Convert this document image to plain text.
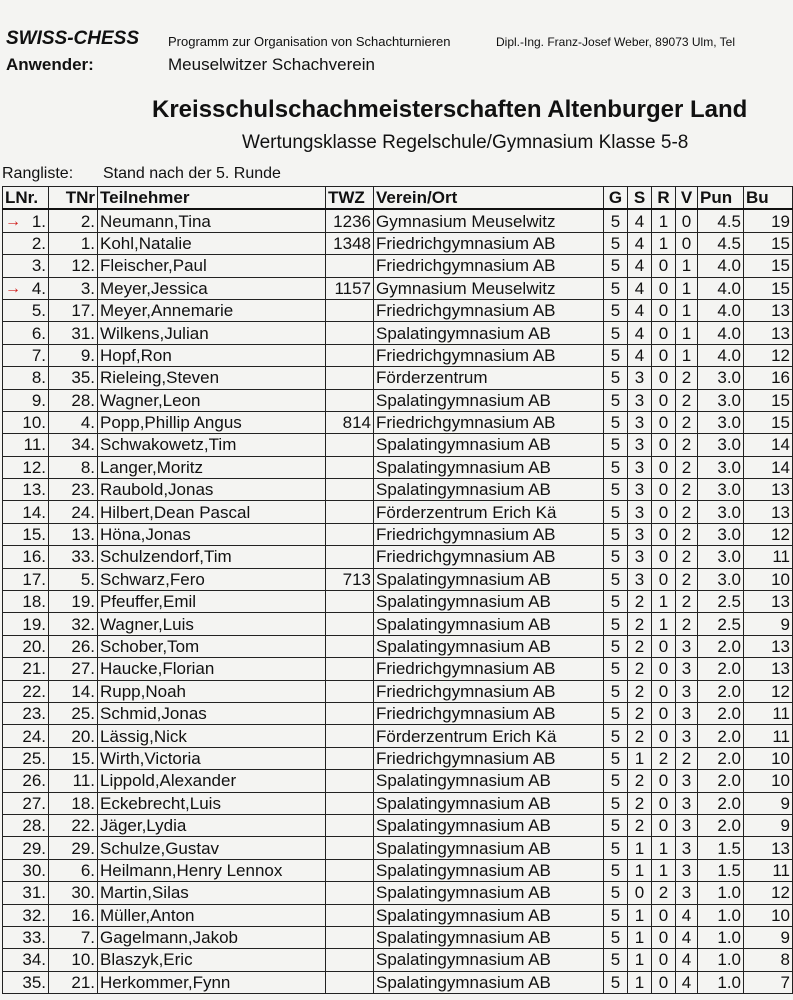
SWISS-CHESS Programm zur Organisation von Schachturnieren	Dipl.-Ing. Franz-Josef Weber, 89073 Ulm, Tel
Anwender:	Meuselwitzer Schachverein
Kreisschulschachmeisterschaften Altenburger Land
Wertungsklasse Regelschule/Gymnasium Klasse 5-8
Rangliste: Stand nach der 5. Runde
LNr.	TNr	Teilnehmer	TWZ	Verein/Ort	G	S	R	V	Pun	Bu

→ 1.	2.	Neumann,Tina	1236	Gymnasium Meuselwitz	5	4	1	0	4.5	19
2.	1.	Kohl,Natalie	1348	Friedrichgymnasium AB	5	4	1	0	4.5	15
3.	12.	Fleischer,Paul		Friedrichgymnasium AB	5	4	0	1	4.0	15

→ 4.	3.	Meyer,Jessica	1157	Gymnasium Meuselwitz	5	4	0	1	4.0	15
5.	17.	Meyer,Annemarie		Friedrichgymnasium AB	5	4	0	1	4.0	13
6.	31.	Wilkens,Julian		Spalatingymnasium AB	5	4	0	1	4.0	13
7.	9.	Hopf,Ron		Friedrichgymnasium AB	5	4	0	1	4.0	12
8.	35.	Rieleing,Steven		Förderzentrum	5	3	0	2	3.0	16
9.	28.	Wagner,Leon		Spalatingymnasium AB	5	3	0	2	3.0	15
10.	4.	Popp,Phillip Angus	814	Friedrichgymnasium AB	5	3	0	2	3.0	15
11.	34.	Schwakowetz,Tim		Spalatingymnasium AB	5	3	0	2	3.0	14
12.	8.	Langer,Moritz		Spalatingymnasium AB	5	3	0	2	3.0	14
13.	23.	Raubold,Jonas		Spalatingymnasium AB	5	3	0	2	3.0	13
14.	24.	Hilbert,Dean Pascal		Förderzentrum Erich Kä	5	3	0	2	3.0	13
15.	13.	Höna,Jonas		Friedrichgymnasium AB	5	3	0	2	3.0	12
16.	33.	Schulzendorf,Tim		Friedrichgymnasium AB	5	3	0	2	3.0	11
17.	5.	Schwarz,Fero	713	Spalatingymnasium AB	5	3	0	2	3.0	10
18.	19.	Pfeuffer,Emil		Spalatingymnasium AB	5	2	1	2	2.5	13
19.	32.	Wagner,Luis		Spalatingymnasium AB	5	2	1	2	2.5	9
20.	26.	Schober,Tom		Spalatingymnasium AB	5	2	0	3	2.0	13
21.	27.	Haucke,Florian		Friedrichgymnasium AB	5	2	0	3	2.0	13
22.	14.	Rupp,Noah		Friedrichgymnasium AB	5	2	0	3	2.0	12
23.	25.	Schmid,Jonas		Friedrichgymnasium AB	5	2	0	3	2.0	11
24.	20.	Lässig,Nick		Förderzentrum Erich Kä	5	2	0	3	2.0	11
25.	15.	Wirth,Victoria		Friedrichgymnasium AB	5	1	2	2	2.0	10
26.	11.	Lippold,Alexander		Spalatingymnasium AB	5	2	0	3	2.0	10
27.	18.	Eckebrecht,Luis		Spalatingymnasium AB	5	2	0	3	2.0	9
28.	22.	Jäger,Lydia		Spalatingymnasium AB	5	2	0	3	2.0	9
29.	29.	Schulze,Gustav		Spalatingymnasium AB	5	1	1	3	1.5	13
30.	6.	Heilmann,Henry Lennox		Spalatingymnasium AB	5	1	1	3	1.5	11
31.	30.	Martin,Silas		Spalatingymnasium AB	5	0	2	3	1.0	12
32.	16.	Müller,Anton		Spalatingymnasium AB	5	1	0	4	1.0	10
33.	7.	Gagelmann,Jakob		Spalatingymnasium AB	5	1	0	4	1.0	9
34.	10.	Blaszyk,Eric		Spalatingymnasium AB	5	1	0	4	1.0	8
35.	21.	Herkommer,Fynn		Spalatingymnasium AB	5	1	0	4	1.0	7
